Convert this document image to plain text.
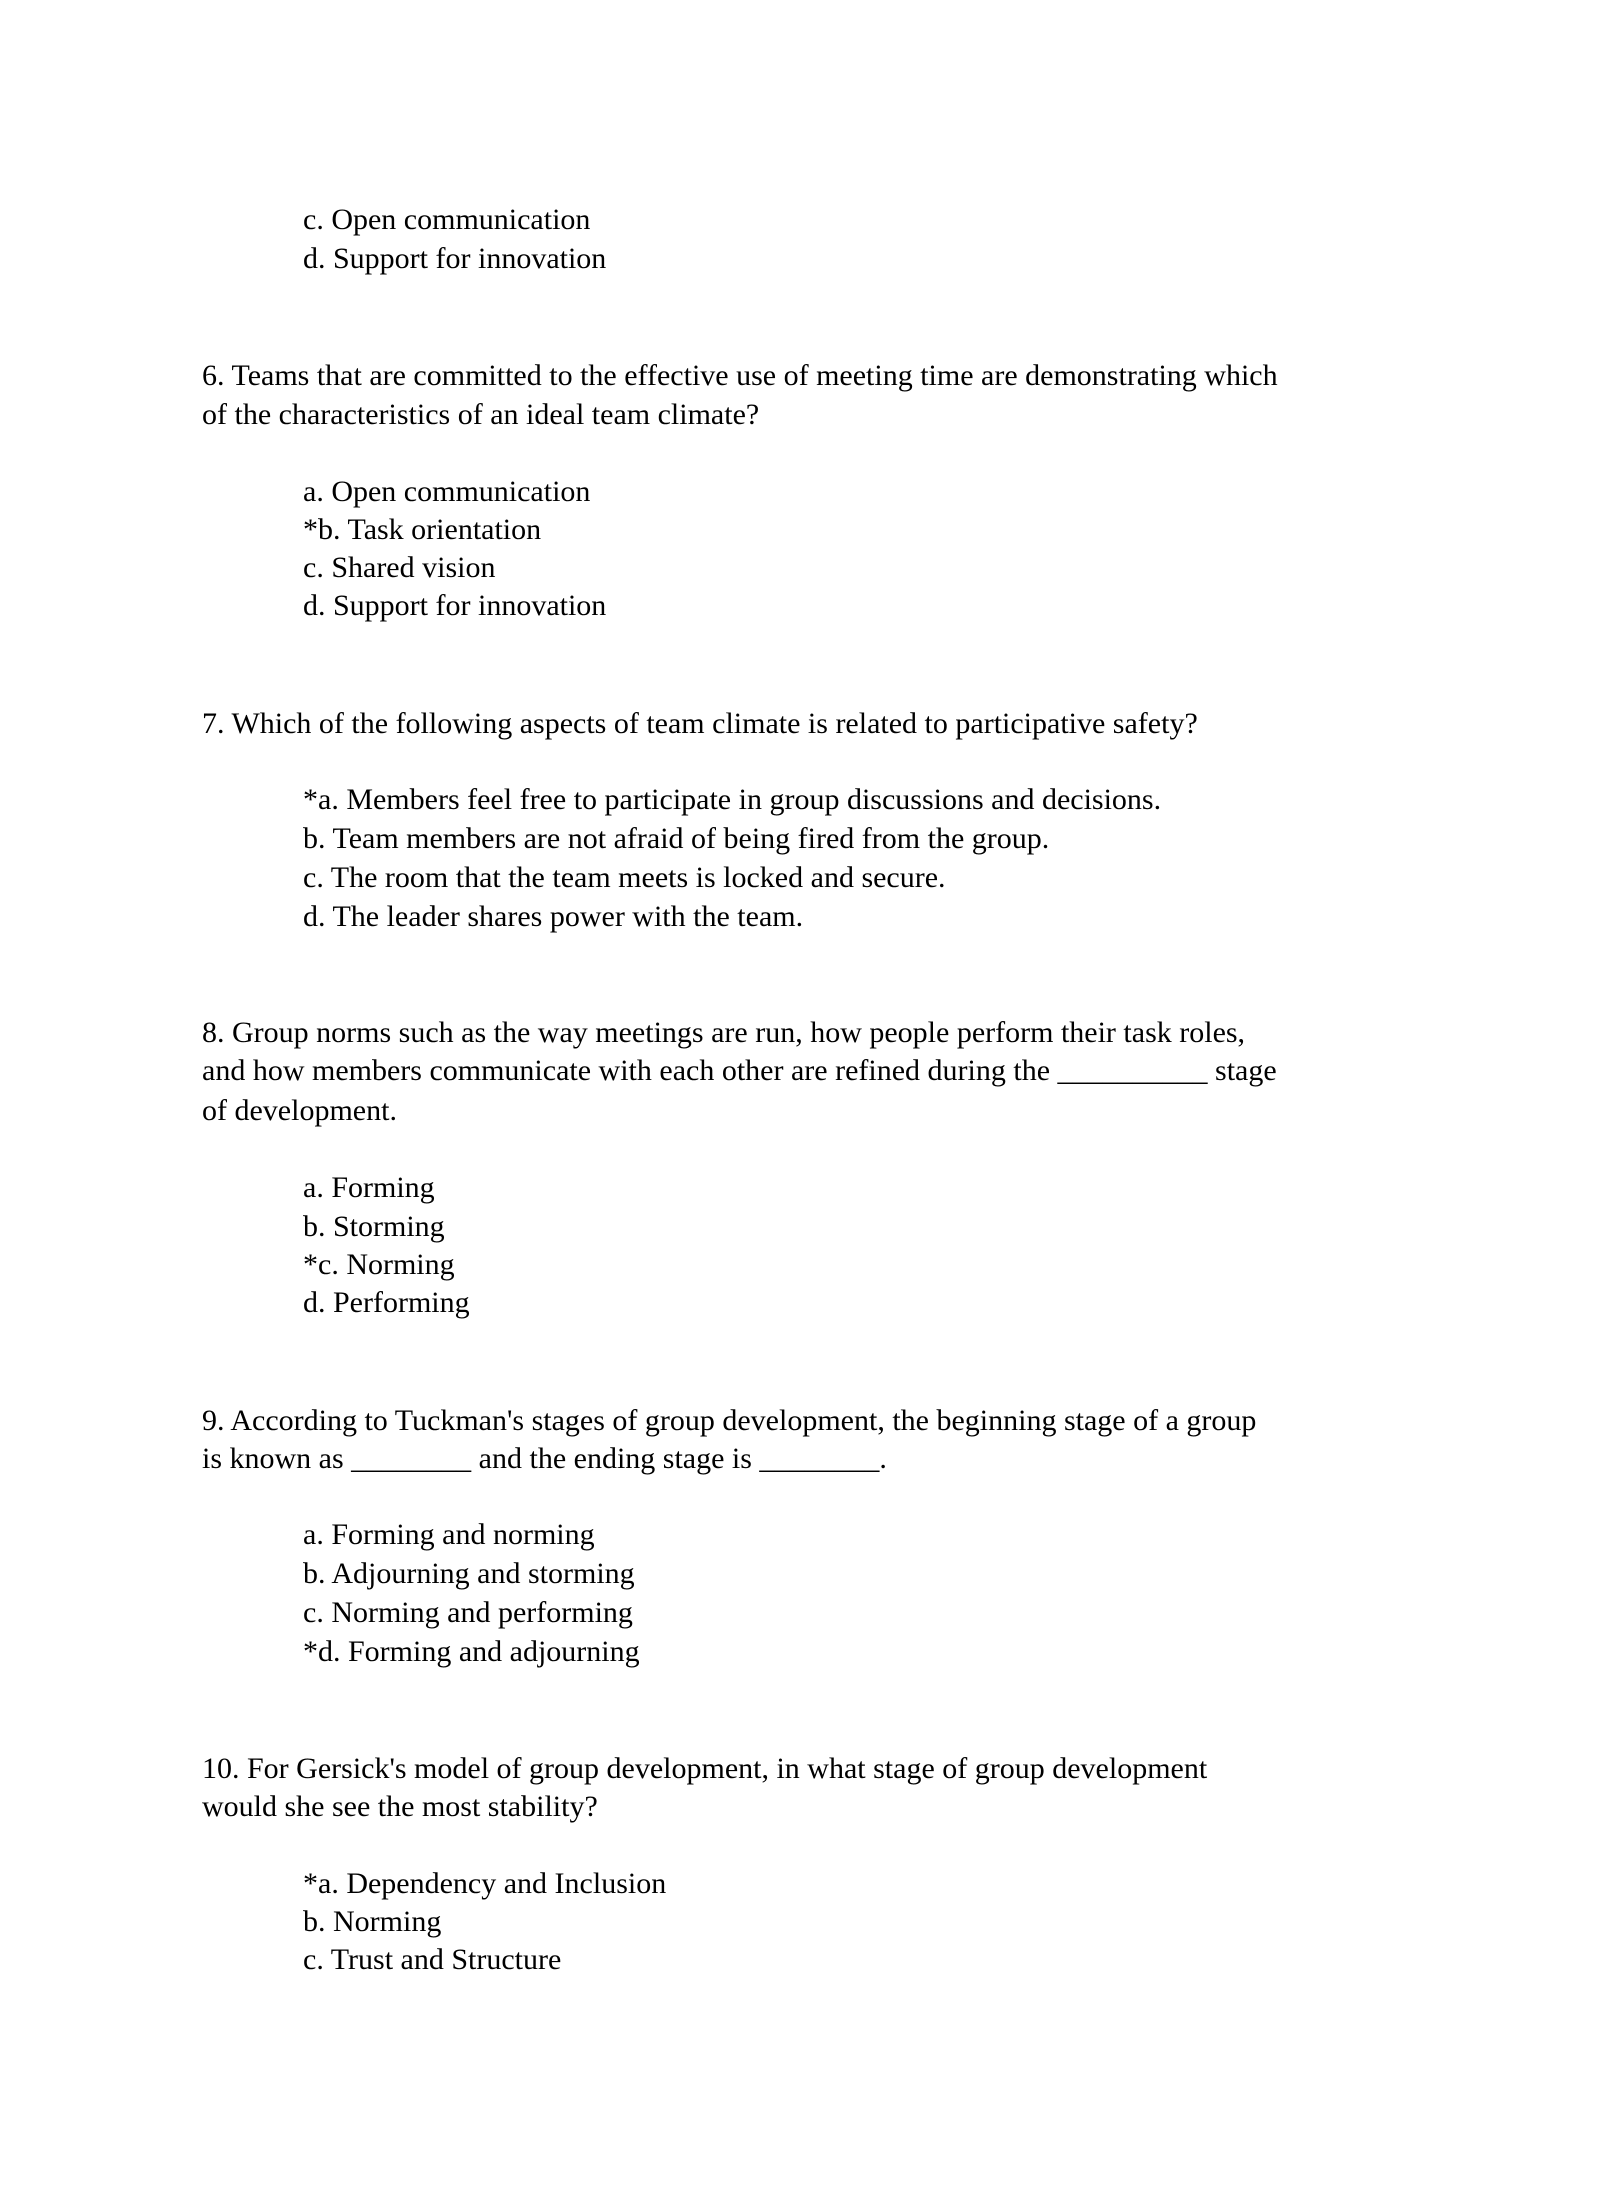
c. Open communication
d. Support for innovation
6. Teams that are committed to the effective use of meeting time are demonstrating which
of the characteristics of an ideal team climate?
a. Open communication
*b. Task orientation
c. Shared vision
d. Support for innovation
7. Which of the following aspects of team climate is related to participative safety?
*a. Members feel free to participate in group discussions and decisions.
b. Team members are not afraid of being fired from the group.
c. The room that the team meets is locked and secure.
d. The leader shares power with the team.
8. Group norms such as the way meetings are run, how people perform their task roles,
and how members communicate with each other are refined during the __________ stage
of development.
a. Forming
b. Storming
*c. Norming
d. Performing
9. According to Tuckman's stages of group development, the beginning stage of a group
is known as ________ and the ending stage is ________.
a. Forming and norming
b. Adjourning and storming
c. Norming and performing
*d. Forming and adjourning
10. For Gersick's model of group development, in what stage of group development
would she see the most stability?
*a. Dependency and Inclusion
b. Norming
c. Trust and Structure
